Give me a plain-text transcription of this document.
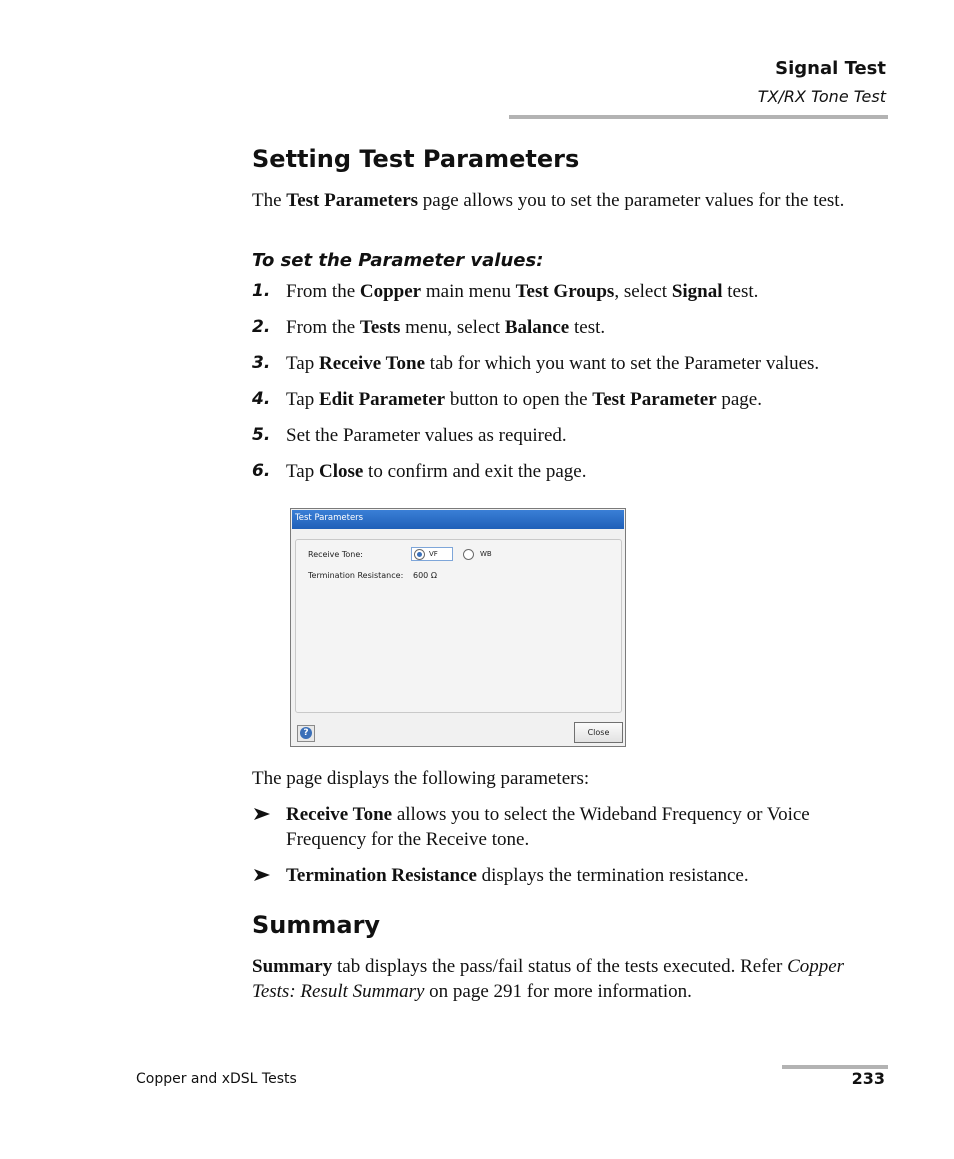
Signal Test
TX/RX Tone Test
Setting Test Parameters
The Test Parameters page allows you to set the parameter values for the test.
To set the Parameter values:
1. From the Copper main menu Test Groups, select Signal test.
2. From the Tests menu, select Balance test.
3. Tap Receive Tone tab for which you want to set the Parameter values.
4. Tap Edit Parameter button to open the Test Parameter page.
5. Set the Parameter values as required.
6. Tap Close to confirm and exit the page.
Test Parameters
Receive Tone:	VF	WB
Termination Resistance: 600 Ω
?	Close
The page displays the following parameters:
Receive Tone allows you to select the Wideband Frequency or Voice Frequency for the Receive tone.
Termination Resistance displays the termination resistance.
Summary
Summary tab displays the pass/fail status of the tests executed. Refer Copper Tests: Result Summary on page 291 for more information.
Copper and xDSL Tests	233
